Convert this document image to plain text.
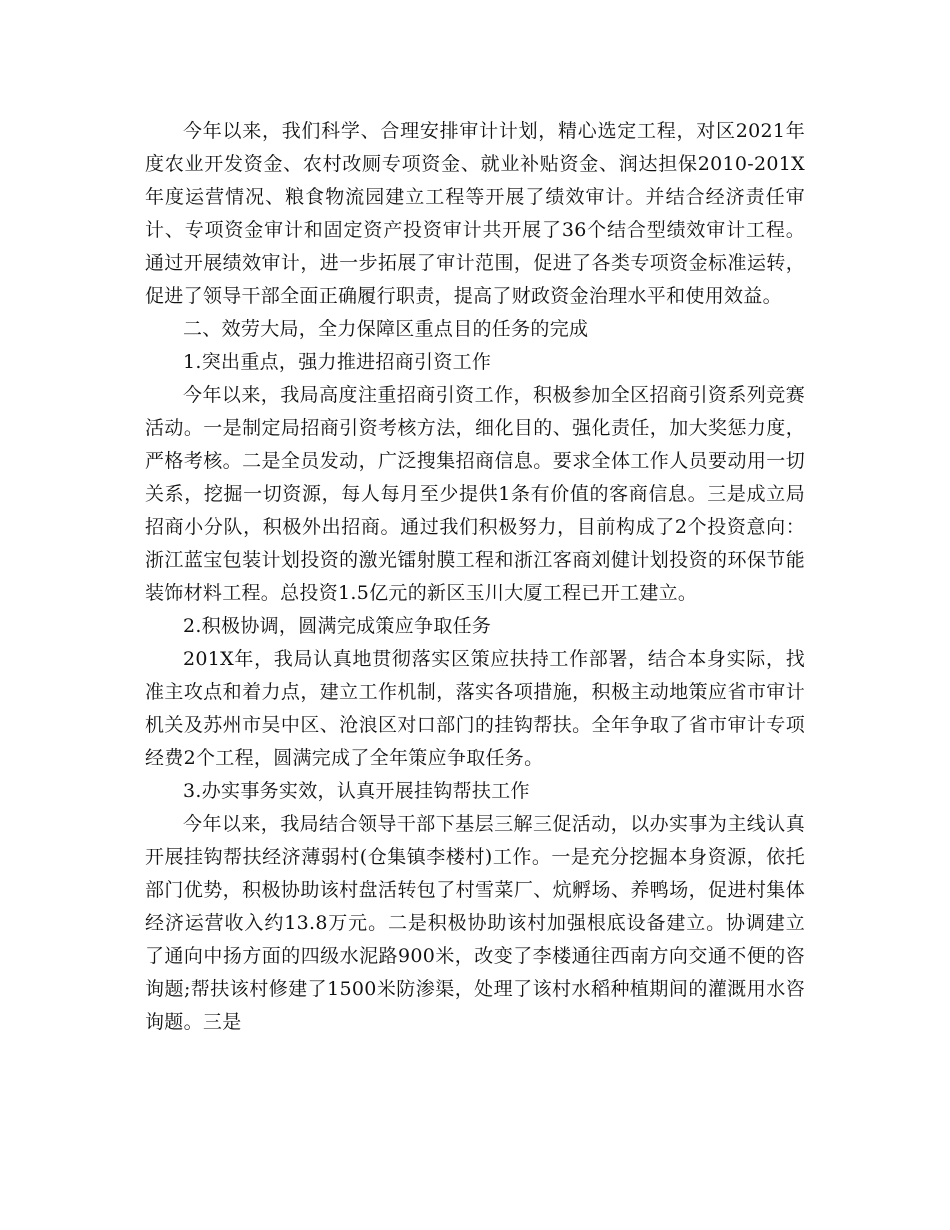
今年以来，我们科学、合理安排审计计划，精心选定工程，对区2021年度农业开发资金、农村改厕专项资金、就业补贴资金、润达担保2010-201X年度运营情况、粮食物流园建立工程等开展了绩效审计。并结合经济责任审计、专项资金审计和固定资产投资审计共开展了36个结合型绩效审计工程。通过开展绩效审计，进一步拓展了审计范围，促进了各类专项资金标准运转，促进了领导干部全面正确履行职责，提高了财政资金治理水平和使用效益。

二、效劳大局，全力保障区重点目的任务的完成

1.突出重点，强力推进招商引资工作

今年以来，我局高度注重招商引资工作，积极参加全区招商引资系列竞赛活动。一是制定局招商引资考核方法，细化目的、强化责任，加大奖惩力度，严格考核。二是全员发动，广泛搜集招商信息。要求全体工作人员要动用一切关系，挖掘一切资源，每人每月至少提供1条有价值的客商信息。三是成立局招商小分队，积极外出招商。通过我们积极努力，目前构成了2个投资意向：浙江蓝宝包装计划投资的激光镭射膜工程和浙江客商刘健计划投资的环保节能装饰材料工程。总投资1.5亿元的新区玉川大厦工程已开工建立。

2.积极协调，圆满完成策应争取任务

201X年，我局认真地贯彻落实区策应扶持工作部署，结合本身实际，找准主攻点和着力点，建立工作机制，落实各项措施，积极主动地策应省市审计机关及苏州市吴中区、沧浪区对口部门的挂钩帮扶。全年争取了省市审计专项经费2个工程，圆满完成了全年策应争取任务。

3.办实事务实效，认真开展挂钩帮扶工作

今年以来，我局结合领导干部下基层三解三促活动，以办实事为主线认真开展挂钩帮扶经济薄弱村(仓集镇李楼村)工作。一是充分挖掘本身资源，依托部门优势，积极协助该村盘活转包了村雪菜厂、炕孵场、养鸭场，促进村集体经济运营收入约13.8万元。二是积极协助该村加强根底设备建立。协调建立了通向中扬方面的四级水泥路900米，改变了李楼通往西南方向交通不便的咨询题;帮扶该村修建了1500米防渗渠，处理了该村水稻种植期间的灌溉用水咨询题。三是
